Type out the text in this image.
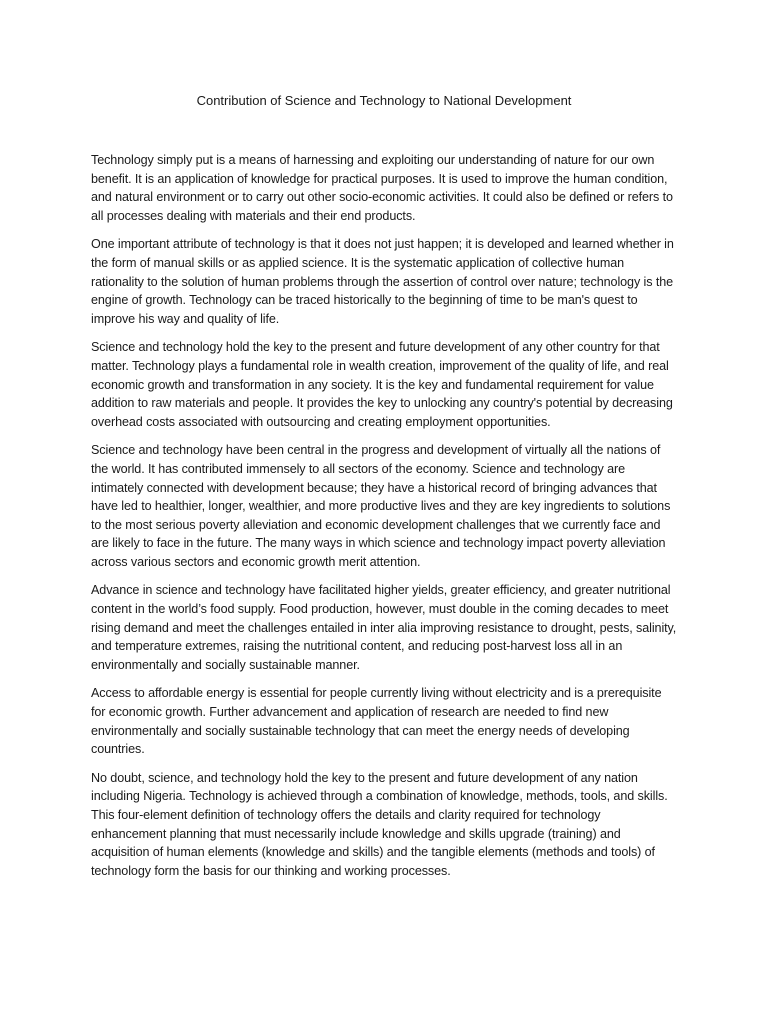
Contribution of Science and Technology to National Development

Technology simply put is a means of harnessing and exploiting our understanding of nature for our own benefit. It is an application of knowledge for practical purposes. It is used to improve the human condition, and natural environment or to carry out other socio-economic activities. It could also be defined or refers to all processes dealing with materials and their end products.

One important attribute of technology is that it does not just happen; it is developed and learned whether in the form of manual skills or as applied science. It is the systematic application of collective human rationality to the solution of human problems through the assertion of control over nature; technology is the engine of growth. Technology can be traced historically to the beginning of time to be man's quest to improve his way and quality of life.

Science and technology hold the key to the present and future development of any other country for that matter. Technology plays a fundamental role in wealth creation, improvement of the quality of life, and real economic growth and transformation in any society. It is the key and fundamental requirement for value addition to raw materials and people. It provides the key to unlocking any country's potential by decreasing overhead costs associated with outsourcing and creating employment opportunities.

Science and technology have been central in the progress and development of virtually all the nations of the world. It has contributed immensely to all sectors of the economy. Science and technology are intimately connected with development because; they have a historical record of bringing advances that have led to healthier, longer, wealthier, and more productive lives and they are key ingredients to solutions to the most serious poverty alleviation and economic development challenges that we currently face and are likely to face in the future. The many ways in which science and technology impact poverty alleviation across various sectors and economic growth merit attention.

Advance in science and technology have facilitated higher yields, greater efficiency, and greater nutritional content in the world’s food supply. Food production, however, must double in the coming decades to meet rising demand and meet the challenges entailed in inter alia improving resistance to drought, pests, salinity, and temperature extremes, raising the nutritional content, and reducing post-harvest loss all in an environmentally and socially sustainable manner.

Access to affordable energy is essential for people currently living without electricity and is a prerequisite for economic growth. Further advancement and application of research are needed to find new environmentally and socially sustainable technology that can meet the energy needs of developing countries.

No doubt, science, and technology hold the key to the present and future development of any nation including Nigeria. Technology is achieved through a combination of knowledge, methods, tools, and skills. This four-element definition of technology offers the details and clarity required for technology enhancement planning that must necessarily include knowledge and skills upgrade (training) and acquisition of human elements (knowledge and skills) and the tangible elements (methods and tools) of technology form the basis for our thinking and working processes.
